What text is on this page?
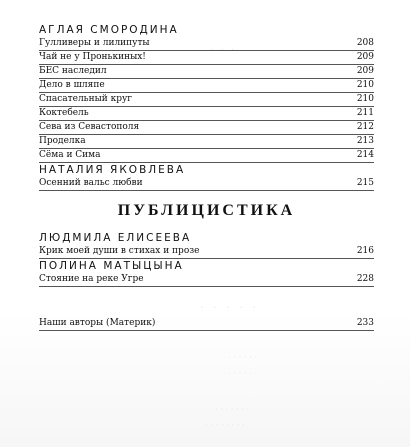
· · ·
· · · · ·
· · · · · ·
· · · · ·
· · · · · · ·
· · · · · · · ·
АГЛАЯ СМОРОДИНА
Гулливеры и лилипуты	208
Чай не у Пронькиных!	209
БЕС наследил	209
Дело в шляпе	210
Спасательный круг	210
Коктебель	211
Сева из Севастополя	212
Проделка	213
Сёма и Сима	214
НАТАЛИЯ ЯКОВЛЕВА
Осенний вальс любви	215
ПУБЛИЦИСТИКА
ЛЮДМИЛА ЕЛИСЕЕВА
Крик моей души в стихах и прозе	216
ПОЛИНА МАТЫЦЫНА
Стояние на реке Угре	228
Наши авторы (Материк)	233
